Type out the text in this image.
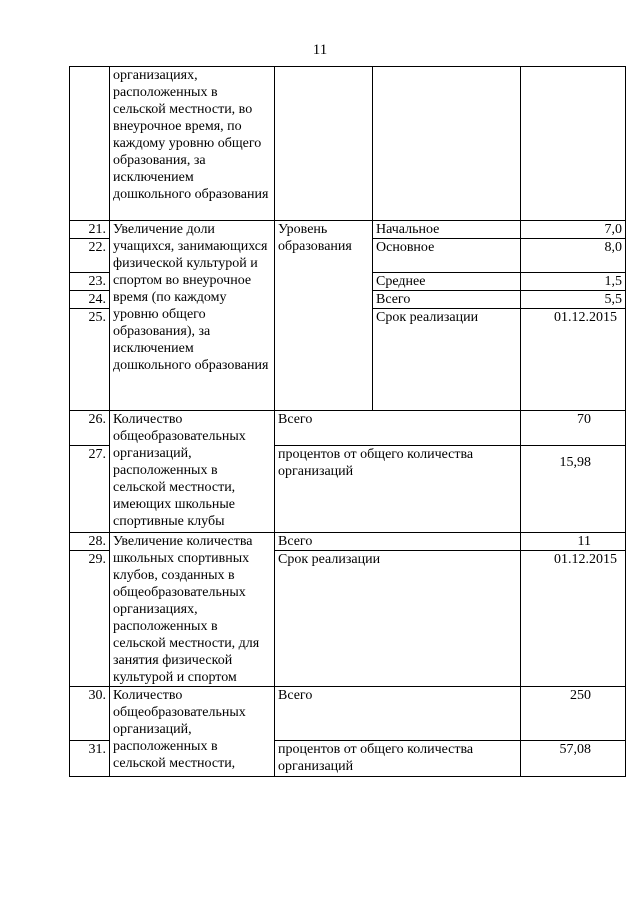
11
	организациях, расположенных в сельской местности, во внеурочное время, по каждому уровню общего образования, за исключением дошкольного образования			
21.	Увеличение доли учащихся, занимающихся физической культурой и спортом во внеурочное время (по каждому уровню общего образования), за исключением дошкольного образования	Уровень образования	Начальное	7,0
22.			Основное	8,0
23.			Среднее	1,5
24.			Всего	5,5
25.			Срок реализации	01.12.2015
26.	Количество общеобразовательных организаций, расположенных в сельской местности, имеющих школьные спортивные клубы	Всего		70
27.		процентов от общего количества организаций		15,98
28.	Увеличение количества школьных спортивных клубов, созданных в общеобразовательных организациях, расположенных в сельской местности, для занятия физической культурой и спортом	Всего		11
29.		Срок реализации		01.12.2015
30.	Количество общеобразовательных организаций, расположенных в сельской местности,	Всего		250
31.		процентов от общего количества организаций		57,08
